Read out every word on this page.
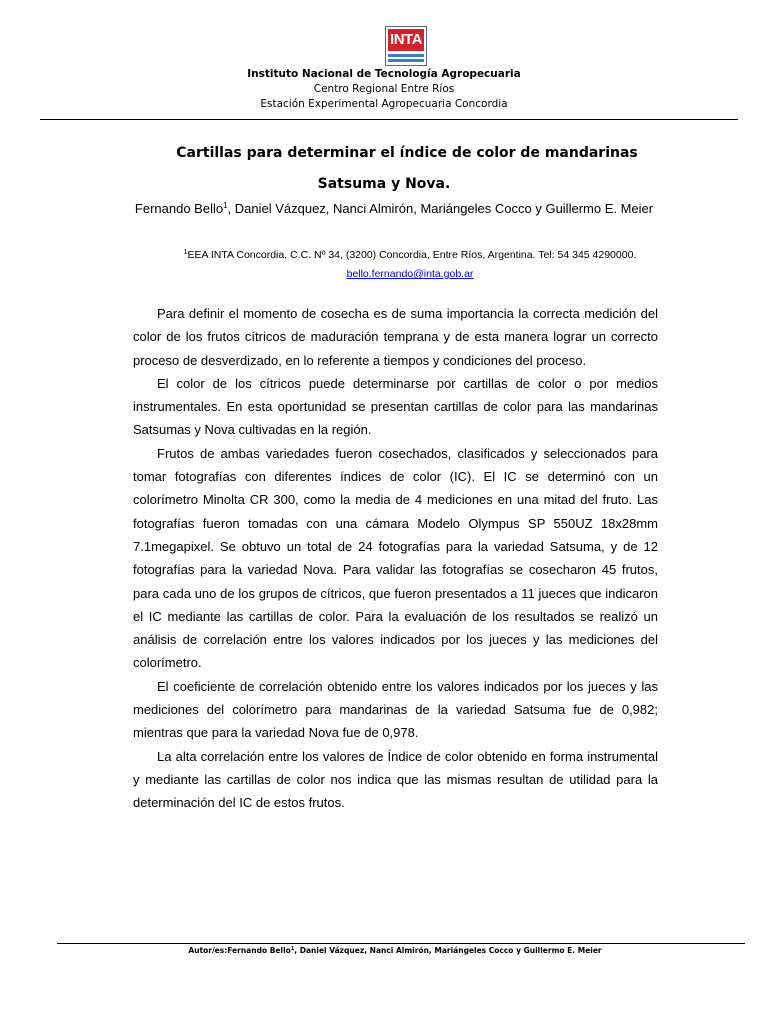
INTA
Instituto Nacional de Tecnología Agropecuaria
Centro Regional Entre Ríos
Estación Experimental Agropecuaria Concordia
Cartillas para determinar el índice de color de mandarinas
Satsuma y Nova.
Fernando Bello$^1$, Daniel Vázquez, Nanci Almirón, Mariángeles Cocco y Guillermo E. Meier
$^1$EEA INTA Concordia, C.C. Nº 34, (3200) Concordia, Entre Ríos, Argentina. Tel: 54 345 4290000. bello.fernando@inta.gob.ar

Para definir el momento de cosecha es de suma importancia la correcta medición del color de los frutos cítricos de maduración temprana y de esta manera lograr un correcto proceso de desverdizado, en lo referente a tiempos y condiciones del proceso.

El color de los cítricos puede determinarse por cartillas de color o por medios instrumentales. En esta oportunidad se presentan cartillas de color para las mandarinas Satsumas y Nova cultivadas en la región.

Frutos de ambas variedades fueron cosechados, clasificados y seleccionados para tomar fotografías con diferentes índices de color (IC). El IC se determinó con un colorímetro Minolta CR 300, como la media de 4 mediciones en una mitad del fruto. Las fotografías fueron tomadas con una cámara Modelo Olympus SP 550UZ 18x28mm 7.1megapixel. Se obtuvo un total de 24 fotografías para la variedad Satsuma, y de 12 fotografías para la variedad Nova. Para validar las fotografías se cosecharon 45 frutos, para cada uno de los grupos de cítricos, que fueron presentados a 11 jueces que indicaron el IC mediante las cartillas de color. Para la evaluación de los resultados se realizó un análisis de correlación entre los valores indicados por los jueces y las mediciones del colorímetro.

El coeficiente de correlación obtenido entre los valores indicados por los jueces y las mediciones del colorímetro para mandarinas de la variedad Satsuma fue de 0,982; mientras que para la variedad Nova fue de 0,978.

La alta correlación entre los valores de Índice de color obtenido en forma instrumental y mediante las cartillas de color nos indica que las mismas resultan de utilidad para la determinación del IC de estos frutos.

Autor/es:Fernando Bello$^1$, Daniel Vázquez, Nanci Almirón, Mariángeles Cocco y Guillermo E. Meier
